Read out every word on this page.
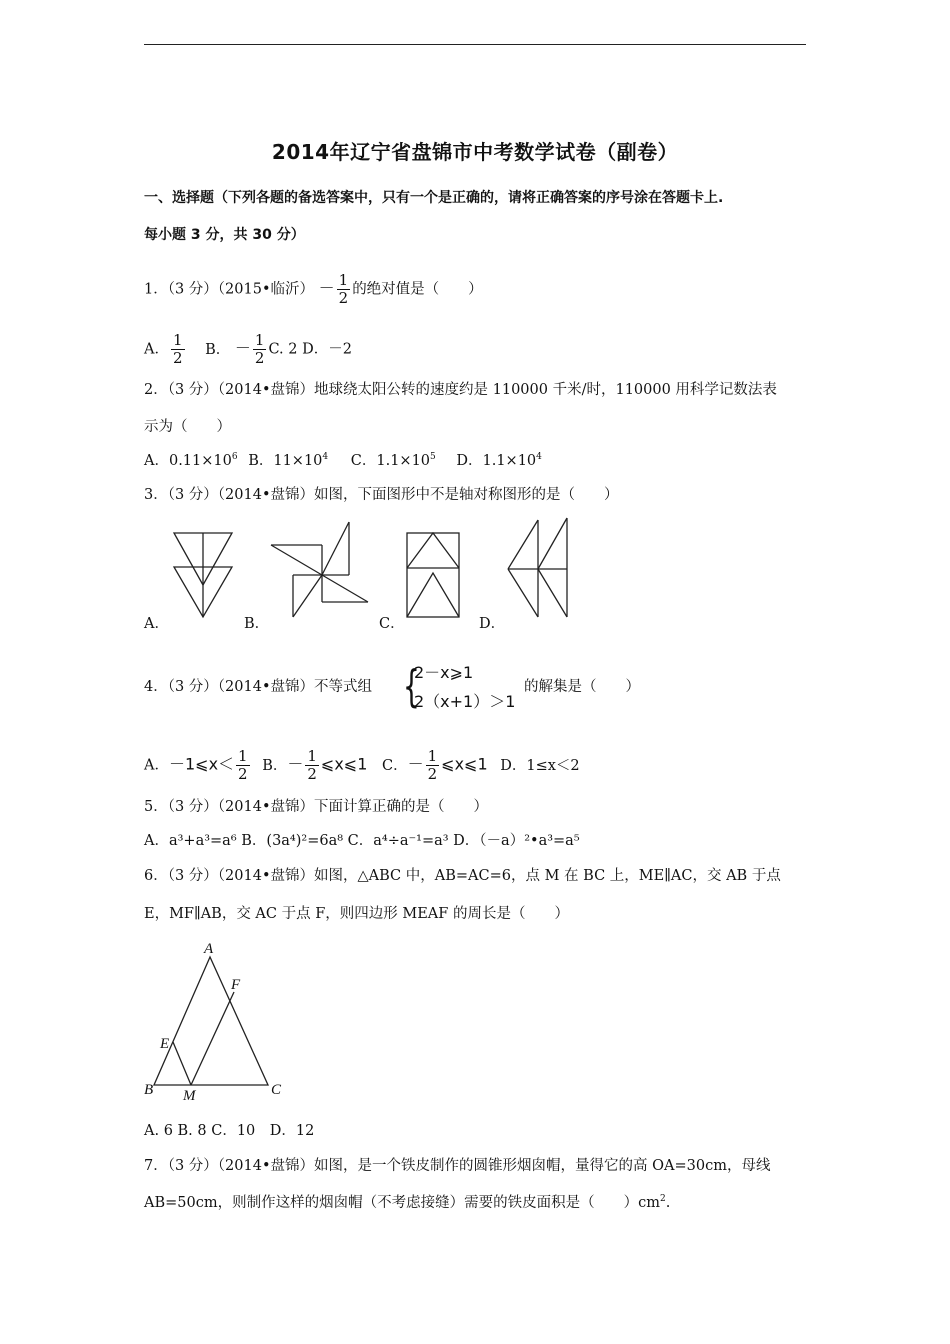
2014年辽宁省盘锦市中考数学试卷（副卷）
一、选择题（下列各题的备选答案中，只有一个是正确的，请将正确答案的序号涂在答题卡上.
每小题 3 分，共 30 分）
1．（3 分）（2015•临沂） － $\frac{1}{2}$ 的绝对值是（　　）
A． $\frac{1}{2}$ B． － $\frac{1}{2} C$. 2 D．－2
2．（3 分）（2014•盘锦）地球绕太阳公转的速度约是 110000 千米/时，110000 用科学记数法表
示为（　　）
A．$0.11\times 10^6$ B．$11\times 10^4$ C．$1.1\times 10^5$ D．$1.1\times 10^4$
3．（3 分）（2014•盘锦）如图，下面图形中不是轴对称图形的是（　　）
A
B	C
E
F
M
A．	B．	C．	D．
4．（3 分）（2014•盘锦）不等式组 {
2－x⩾1
2（x+1）＞1
的解集是（　　）
A．－1⩽x＜ $\frac{1}{2}$ B．－ $\frac{1}{2}$ ⩽x⩽1 C．－ $\frac{1}{2}$ ⩽x⩽1 D．1≤x＜2
5．（3 分）（2014•盘锦）下面计算正确的是（　　）
A．a³+a³=a⁶ B．(3a⁴)²=6a⁸ C．a⁴÷a⁻¹=a³ D．（－a）²•a³=a⁵
6．（3 分）（2014•盘锦）如图，△ABC 中，AB=AC=6，点 M 在 BC 上，ME∥AC，交 AB 于点
E，MF∥AB，交 AC 于点 F，则四边形 MEAF 的周长是（　　）
A. 6 B. 8 C．10　D．12
7．（3 分）（2014•盘锦）如图，是一个铁皮制作的圆锥形烟囱帽，量得它的高 OA=30cm，母线
AB=50cm，则制作这样的烟囱帽（不考虑接缝）需要的铁皮面积是（　　）$cm^2$.
